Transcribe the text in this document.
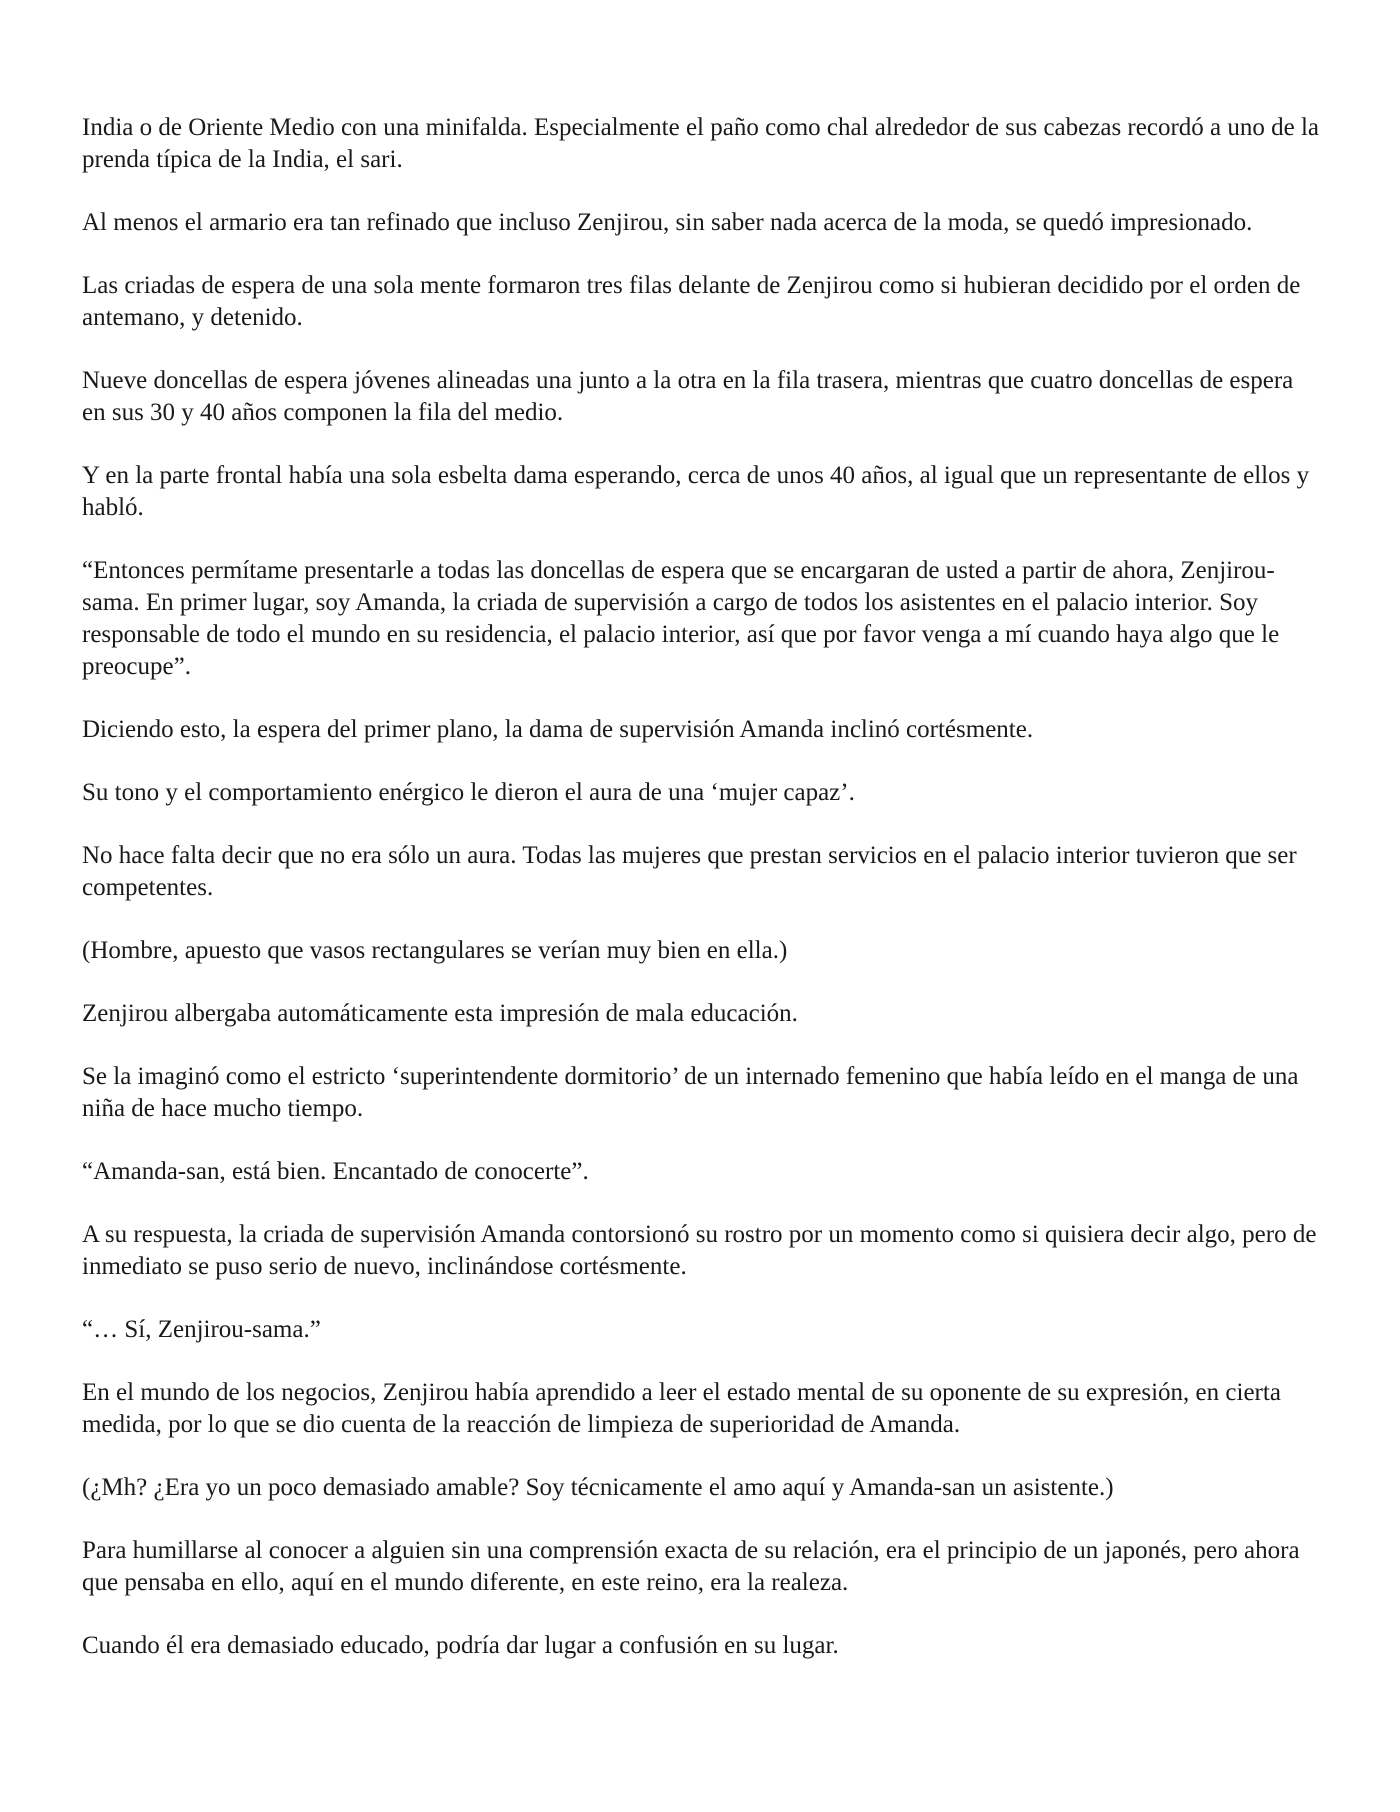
India o de Oriente Medio con una minifalda. Especialmente el paño como chal alrededor de sus cabezas recordó a uno de la prenda típica de la India, el sari.

Al menos el armario era tan refinado que incluso Zenjirou, sin saber nada acerca de la moda, se quedó impresionado.

Las criadas de espera de una sola mente formaron tres filas delante de Zenjirou como si hubieran decidido por el orden de antemano, y detenido.

Nueve doncellas de espera jóvenes alineadas una junto a la otra en la fila trasera, mientras que cuatro doncellas de espera en sus 30 y 40 años componen la fila del medio.

Y en la parte frontal había una sola esbelta dama esperando, cerca de unos 40 años, al igual que un representante de ellos y habló.

“Entonces permítame presentarle a todas las doncellas de espera que se encargaran de usted a partir de ahora, Zenjirou-sama. En primer lugar, soy Amanda, la criada de supervisión a cargo de todos los asistentes en el palacio interior. Soy responsable de todo el mundo en su residencia, el palacio interior, así que por favor venga a mí cuando haya algo que le preocupe”.

Diciendo esto, la espera del primer plano, la dama de supervisión Amanda inclinó cortésmente.

Su tono y el comportamiento enérgico le dieron el aura de una ‘mujer capaz’.

No hace falta decir que no era sólo un aura. Todas las mujeres que prestan servicios en el palacio interior tuvieron que ser competentes.

(Hombre, apuesto que vasos rectangulares se verían muy bien en ella.)

Zenjirou albergaba automáticamente esta impresión de mala educación.

Se la imaginó como el estricto ‘superintendente dormitorio’ de un internado femenino que había leído en el manga de una niña de hace mucho tiempo.

“Amanda-san, está bien. Encantado de conocerte”.

A su respuesta, la criada de supervisión Amanda contorsionó su rostro por un momento como si quisiera decir algo, pero de inmediato se puso serio de nuevo, inclinándose cortésmente.

“… Sí, Zenjirou-sama.”

En el mundo de los negocios, Zenjirou había aprendido a leer el estado mental de su oponente de su expresión, en cierta medida, por lo que se dio cuenta de la reacción de limpieza de superioridad de Amanda.

(¿Mh? ¿Era yo un poco demasiado amable? Soy técnicamente el amo aquí y Amanda-san un asistente.)

Para humillarse al conocer a alguien sin una comprensión exacta de su relación, era el principio de un japonés, pero ahora que pensaba en ello, aquí en el mundo diferente, en este reino, era la realeza.

Cuando él era demasiado educado, podría dar lugar a confusión en su lugar.
